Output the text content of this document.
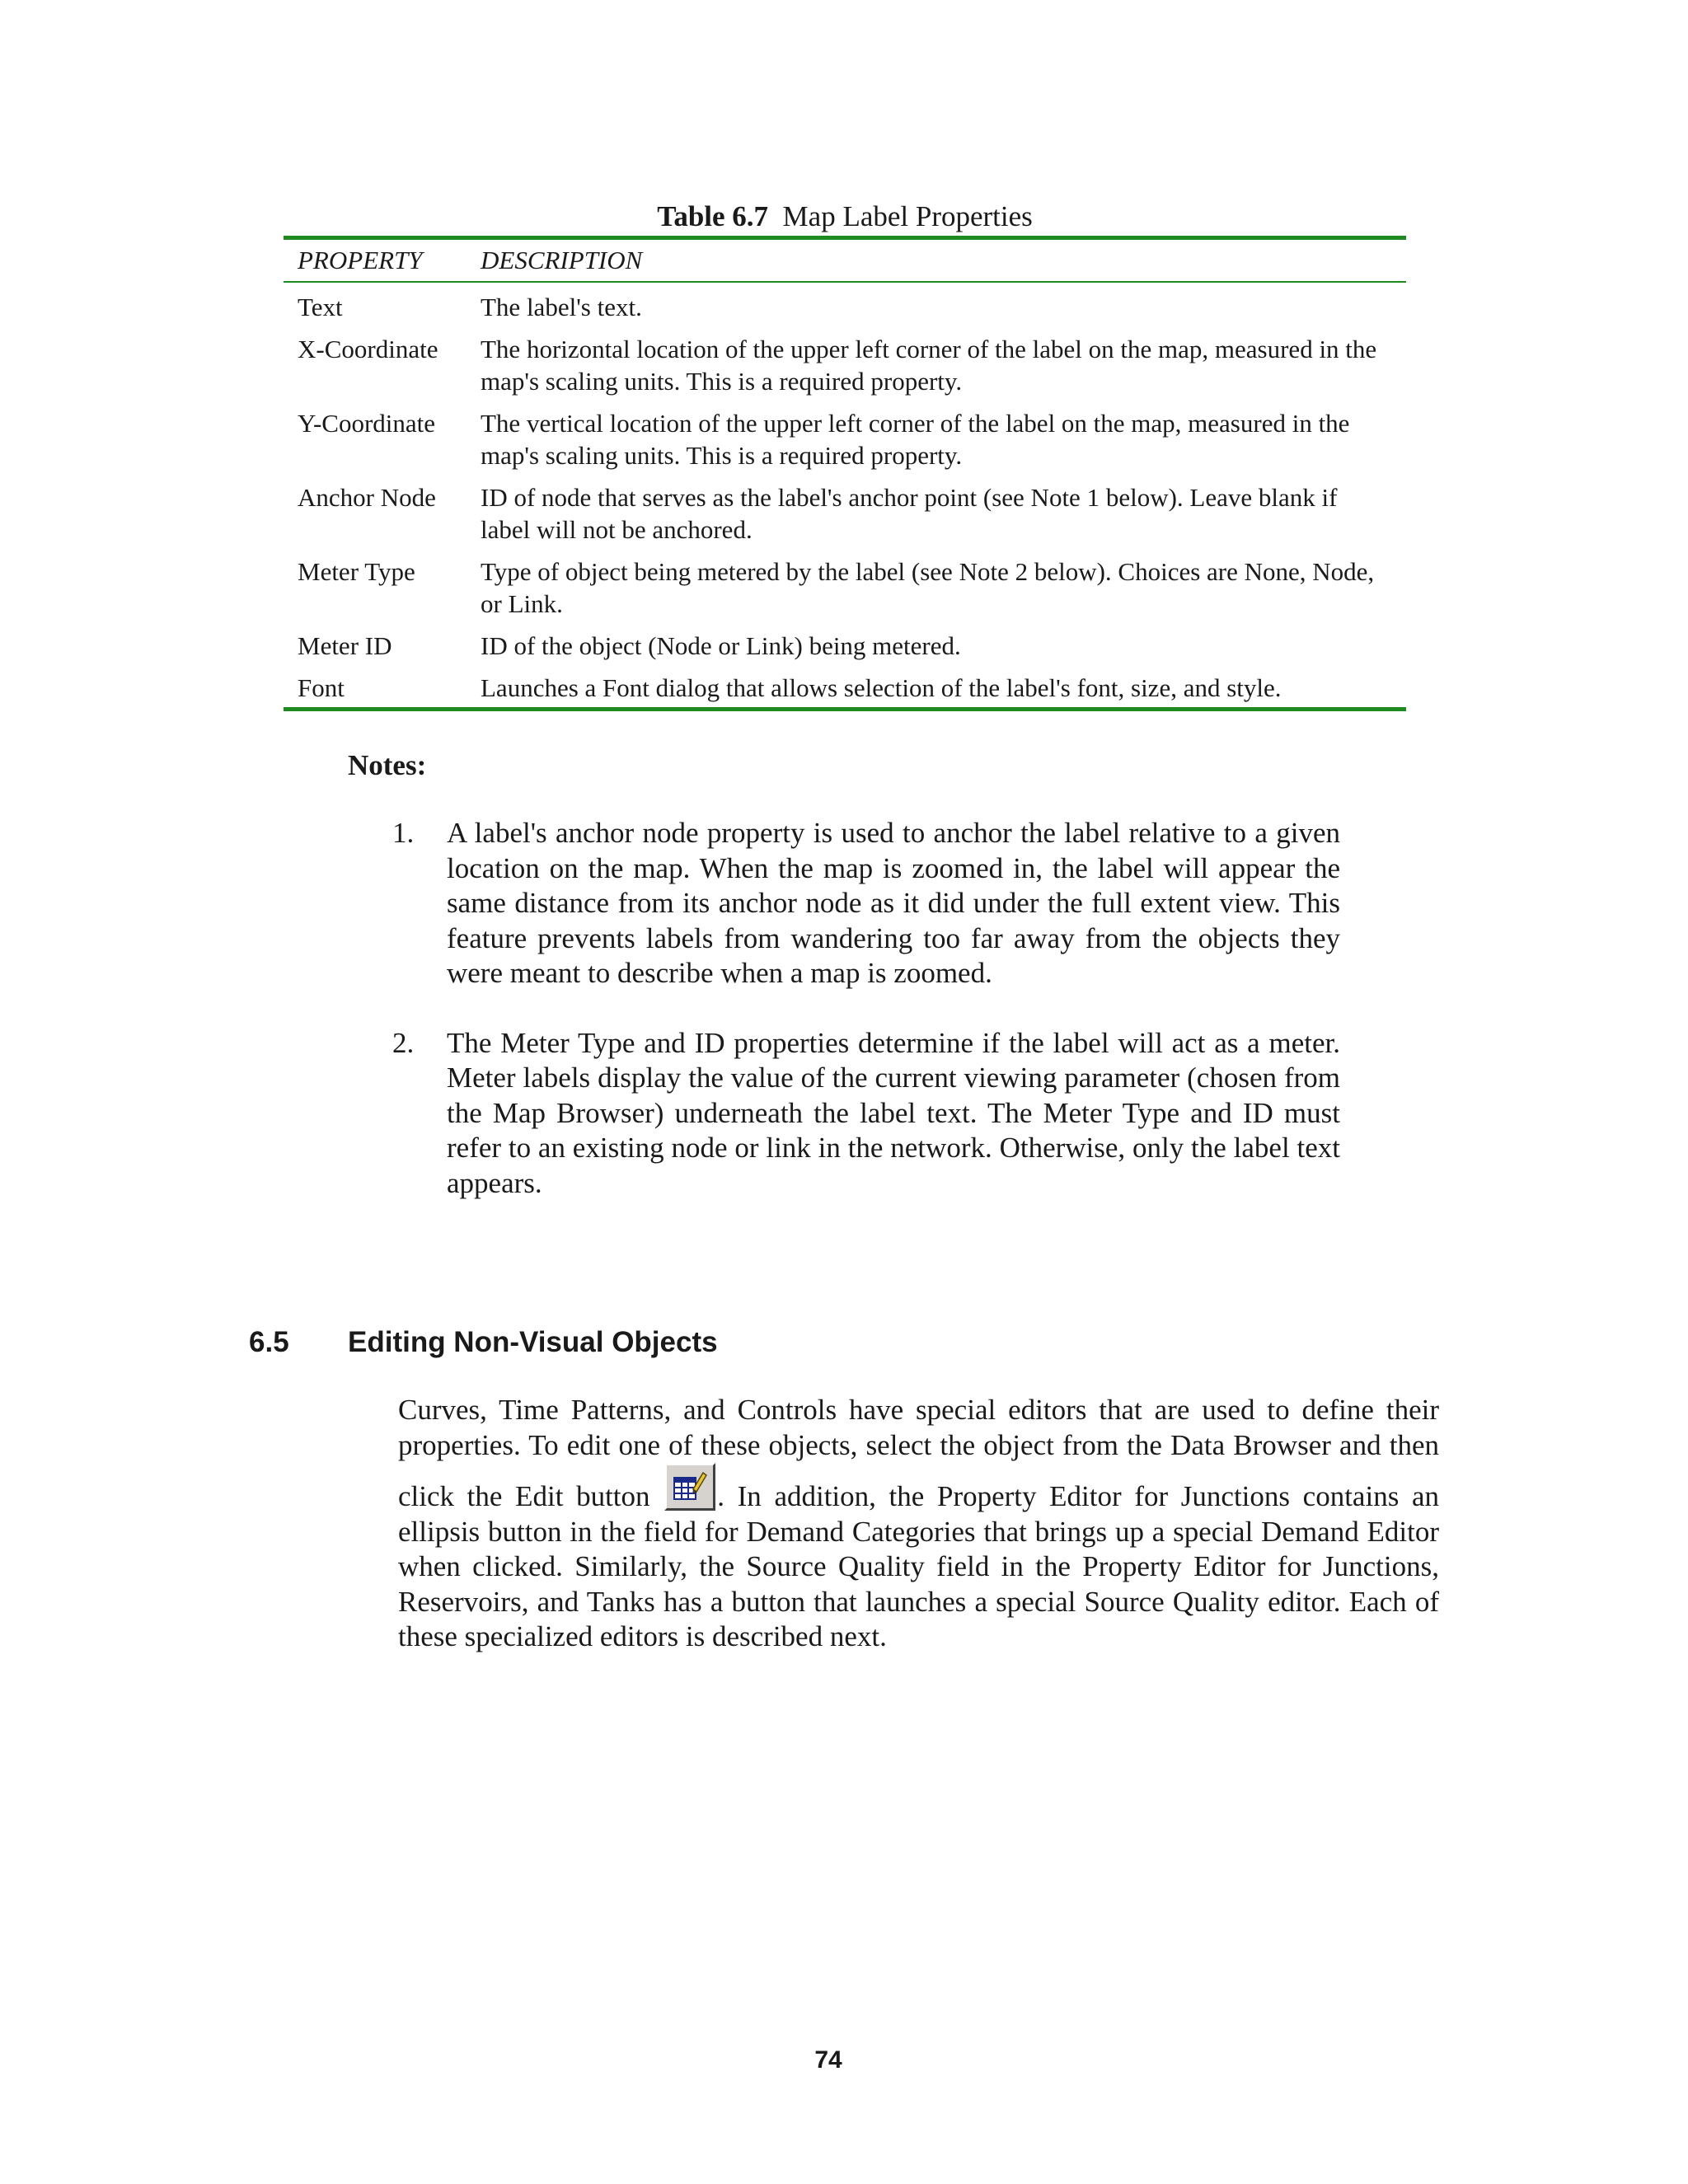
Table 6.7 Map Label Properties
PROPERTY	DESCRIPTION
Text	The label's text.
X-Coordinate	The horizontal location of the upper left corner of the label on the map, measured in the map's scaling units. This is a required property.
Y-Coordinate	The vertical location of the upper left corner of the label on the map, measured in the map's scaling units. This is a required property.
Anchor Node	ID of node that serves as the label's anchor point (see Note 1 below). Leave blank if label will not be anchored.
Meter Type	Type of object being metered by the label (see Note 2 below). Choices are None, Node, or Link.
Meter ID	ID of the object (Node or Link) being metered.
Font	Launches a Font dialog that allows selection of the label's font, size, and style.

Notes:

1.	A label's anchor node property is used to anchor the label relative to a given location on the map. When the map is zoomed in, the label will appear the same distance from its anchor node as it did under the full extent view. This feature prevents labels from wandering too far away from the objects they were meant to describe when a map is zoomed.
2.	The Meter Type and ID properties determine if the label will act as a meter. Meter labels display the value of the current viewing parameter (chosen from the Map Browser) underneath the label text. The Meter Type and ID must refer to an existing node or link in the network. Otherwise, only the label text appears.
6.5	Editing Non-Visual Objects

Curves, Time Patterns, and Controls have special editors that are used to define their properties. To edit one of these objects, select the object from the Data Browser and then click the Edit button . In addition, the Property Editor for Junctions contains an ellipsis button in the field for Demand Categories that brings up a special Demand Editor when clicked. Similarly, the Source Quality field in the Property Editor for Junctions, Reservoirs, and Tanks has a button that launches a special Source Quality editor. Each of these specialized editors is described next.

74
